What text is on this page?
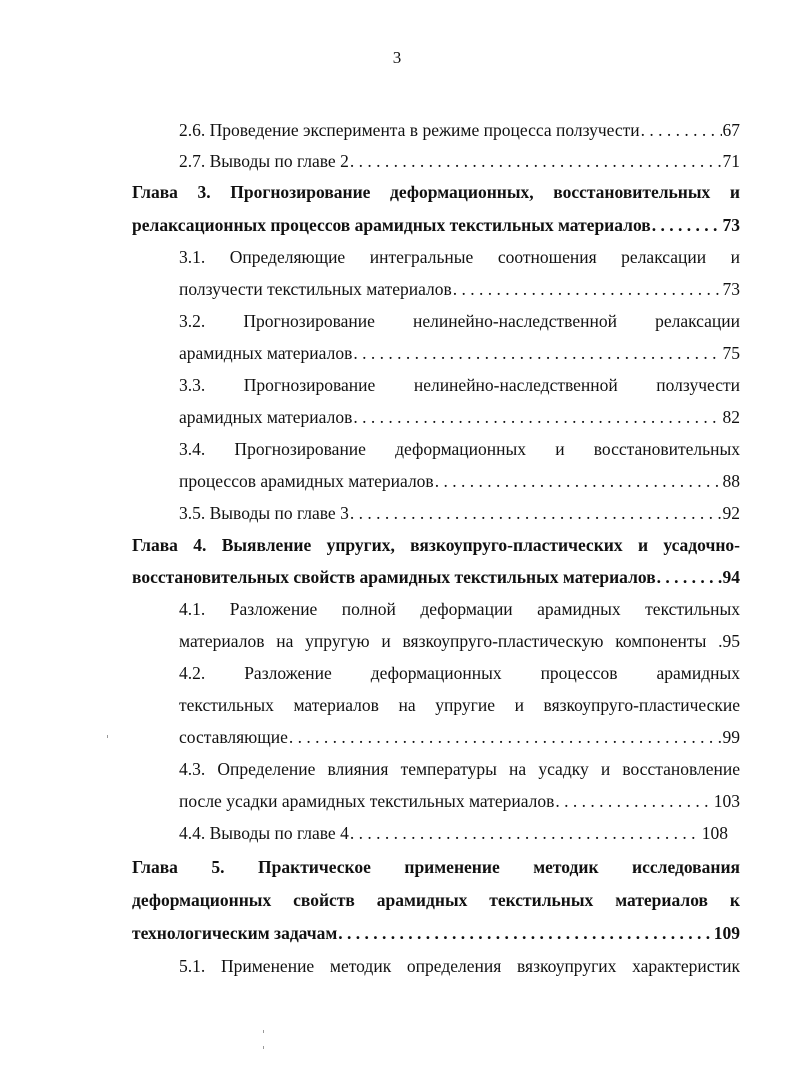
3
2.6. Проведение эксперимента в режиме процесса ползучести . . .	67
2.7. Выводы по главе 2 . . .	71
Глава 3. Прогнозирование деформационных, восстановительных и
релаксационных процессов арамидных текстильных материалов . . .	73
3.1. Определяющие интегральные соотношения релаксации и
ползучести текстильных материалов . . .	73
3.2. Прогнозирование нелинейно-наследственной релаксации
арамидных материалов . . .	75
3.3. Прогнозирование нелинейно-наследственной ползучести
арамидных материалов . . .	82
3.4. Прогнозирование деформационных и восстановительных
процессов арамидных материалов . . .	88
3.5. Выводы по главе 3 . . .	92
Глава 4. Выявление упругих, вязкоупруго-пластических и усадочно-
восстановительных свойств арамидных текстильных материалов . . .	94
4.1. Разложение полной деформации арамидных текстильных
материалов на упругую и вязкоупруго-пластическую компоненты .95
4.2. Разложение деформационных процессов арамидных
текстильных материалов на упругие и вязкоупруго-пластические
составляющие . . .	99
4.3. Определение влияния температуры на усадку и восстановление
после усадки арамидных текстильных материалов . . .	103
4.4. Выводы по главе 4 . . .	108
Глава 5. Практическое применение методик исследования
деформационных свойств арамидных текстильных материалов к
технологическим задачам . . .	109
5.1. Применение методик определения вязкоупругих характеристик
